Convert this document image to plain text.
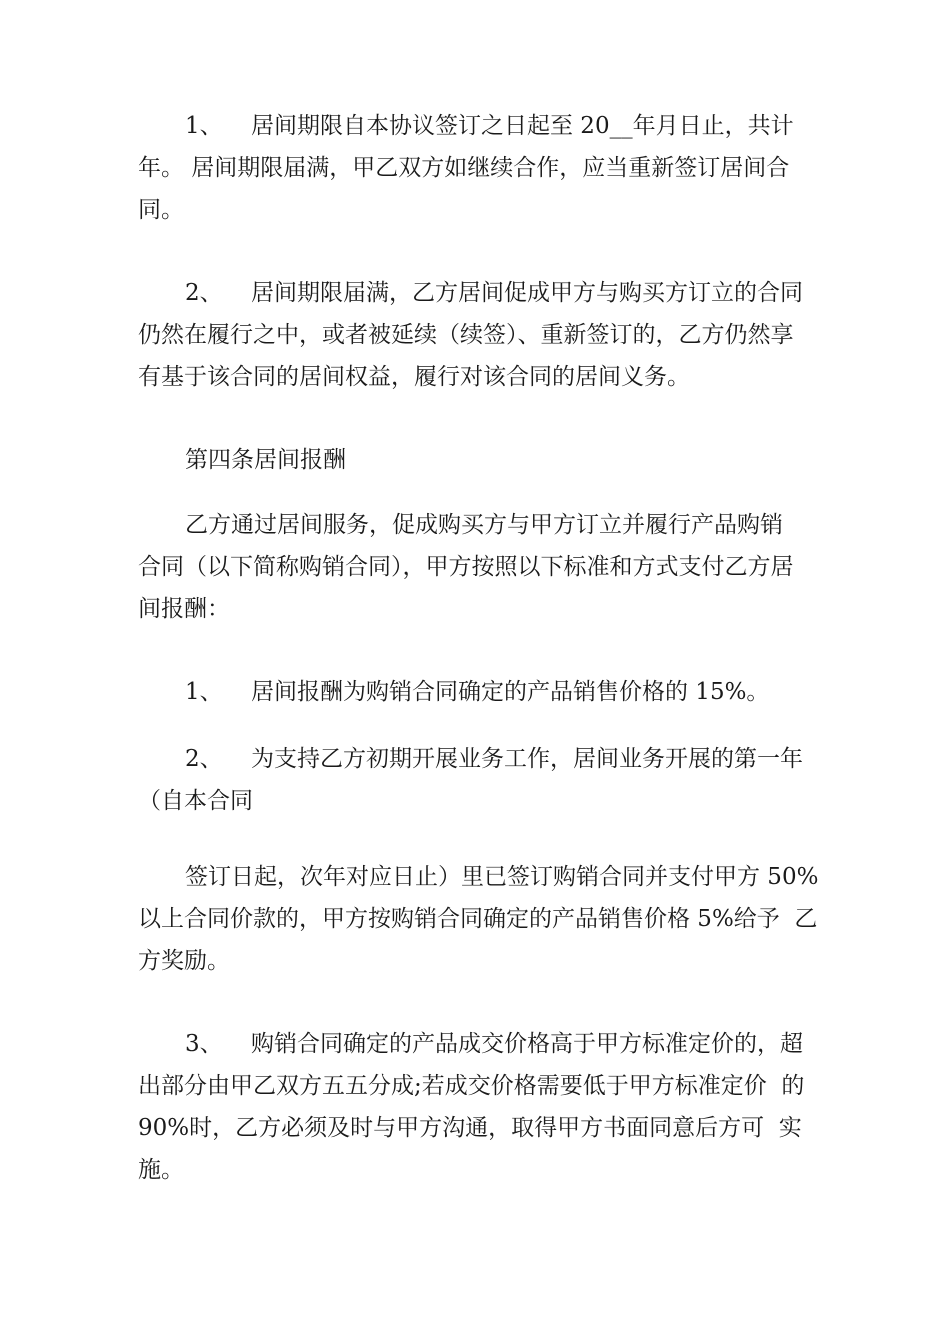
1、 居间期限自本协议签订之日起至 20__年月日止，共计
年。 居间期限届满，甲乙双方如继续合作，应当重新签订居间合
同。
2、 居间期限届满，乙方居间促成甲方与购买方订立的合同
仍然在履行之中，或者被延续（续签）、重新签订的，乙方仍然享
有基于该合同的居间权益，履行对该合同的居间义务。
第四条居间报酬
乙方通过居间服务，促成购买方与甲方订立并履行产品购销
合同（以下简称购销合同），甲方按照以下标准和方式支付乙方居
间报酬：
1、 居间报酬为购销合同确定的产品销售价格的 15%。
2、 为支持乙方初期开展业务工作，居间业务开展的第一年
（自本合同
签订日起，次年对应日止）里已签订购销合同并支付甲方 50%
以上合同价款的，甲方按购销合同确定的产品销售价格 5%给予  乙
方奖励。
3、 购销合同确定的产品成交价格高于甲方标准定价的，超
出部分由甲乙双方五五分成;若成交价格需要低于甲方标准定价  的
90%时，乙方必须及时与甲方沟通，取得甲方书面同意后方可  实
施。
